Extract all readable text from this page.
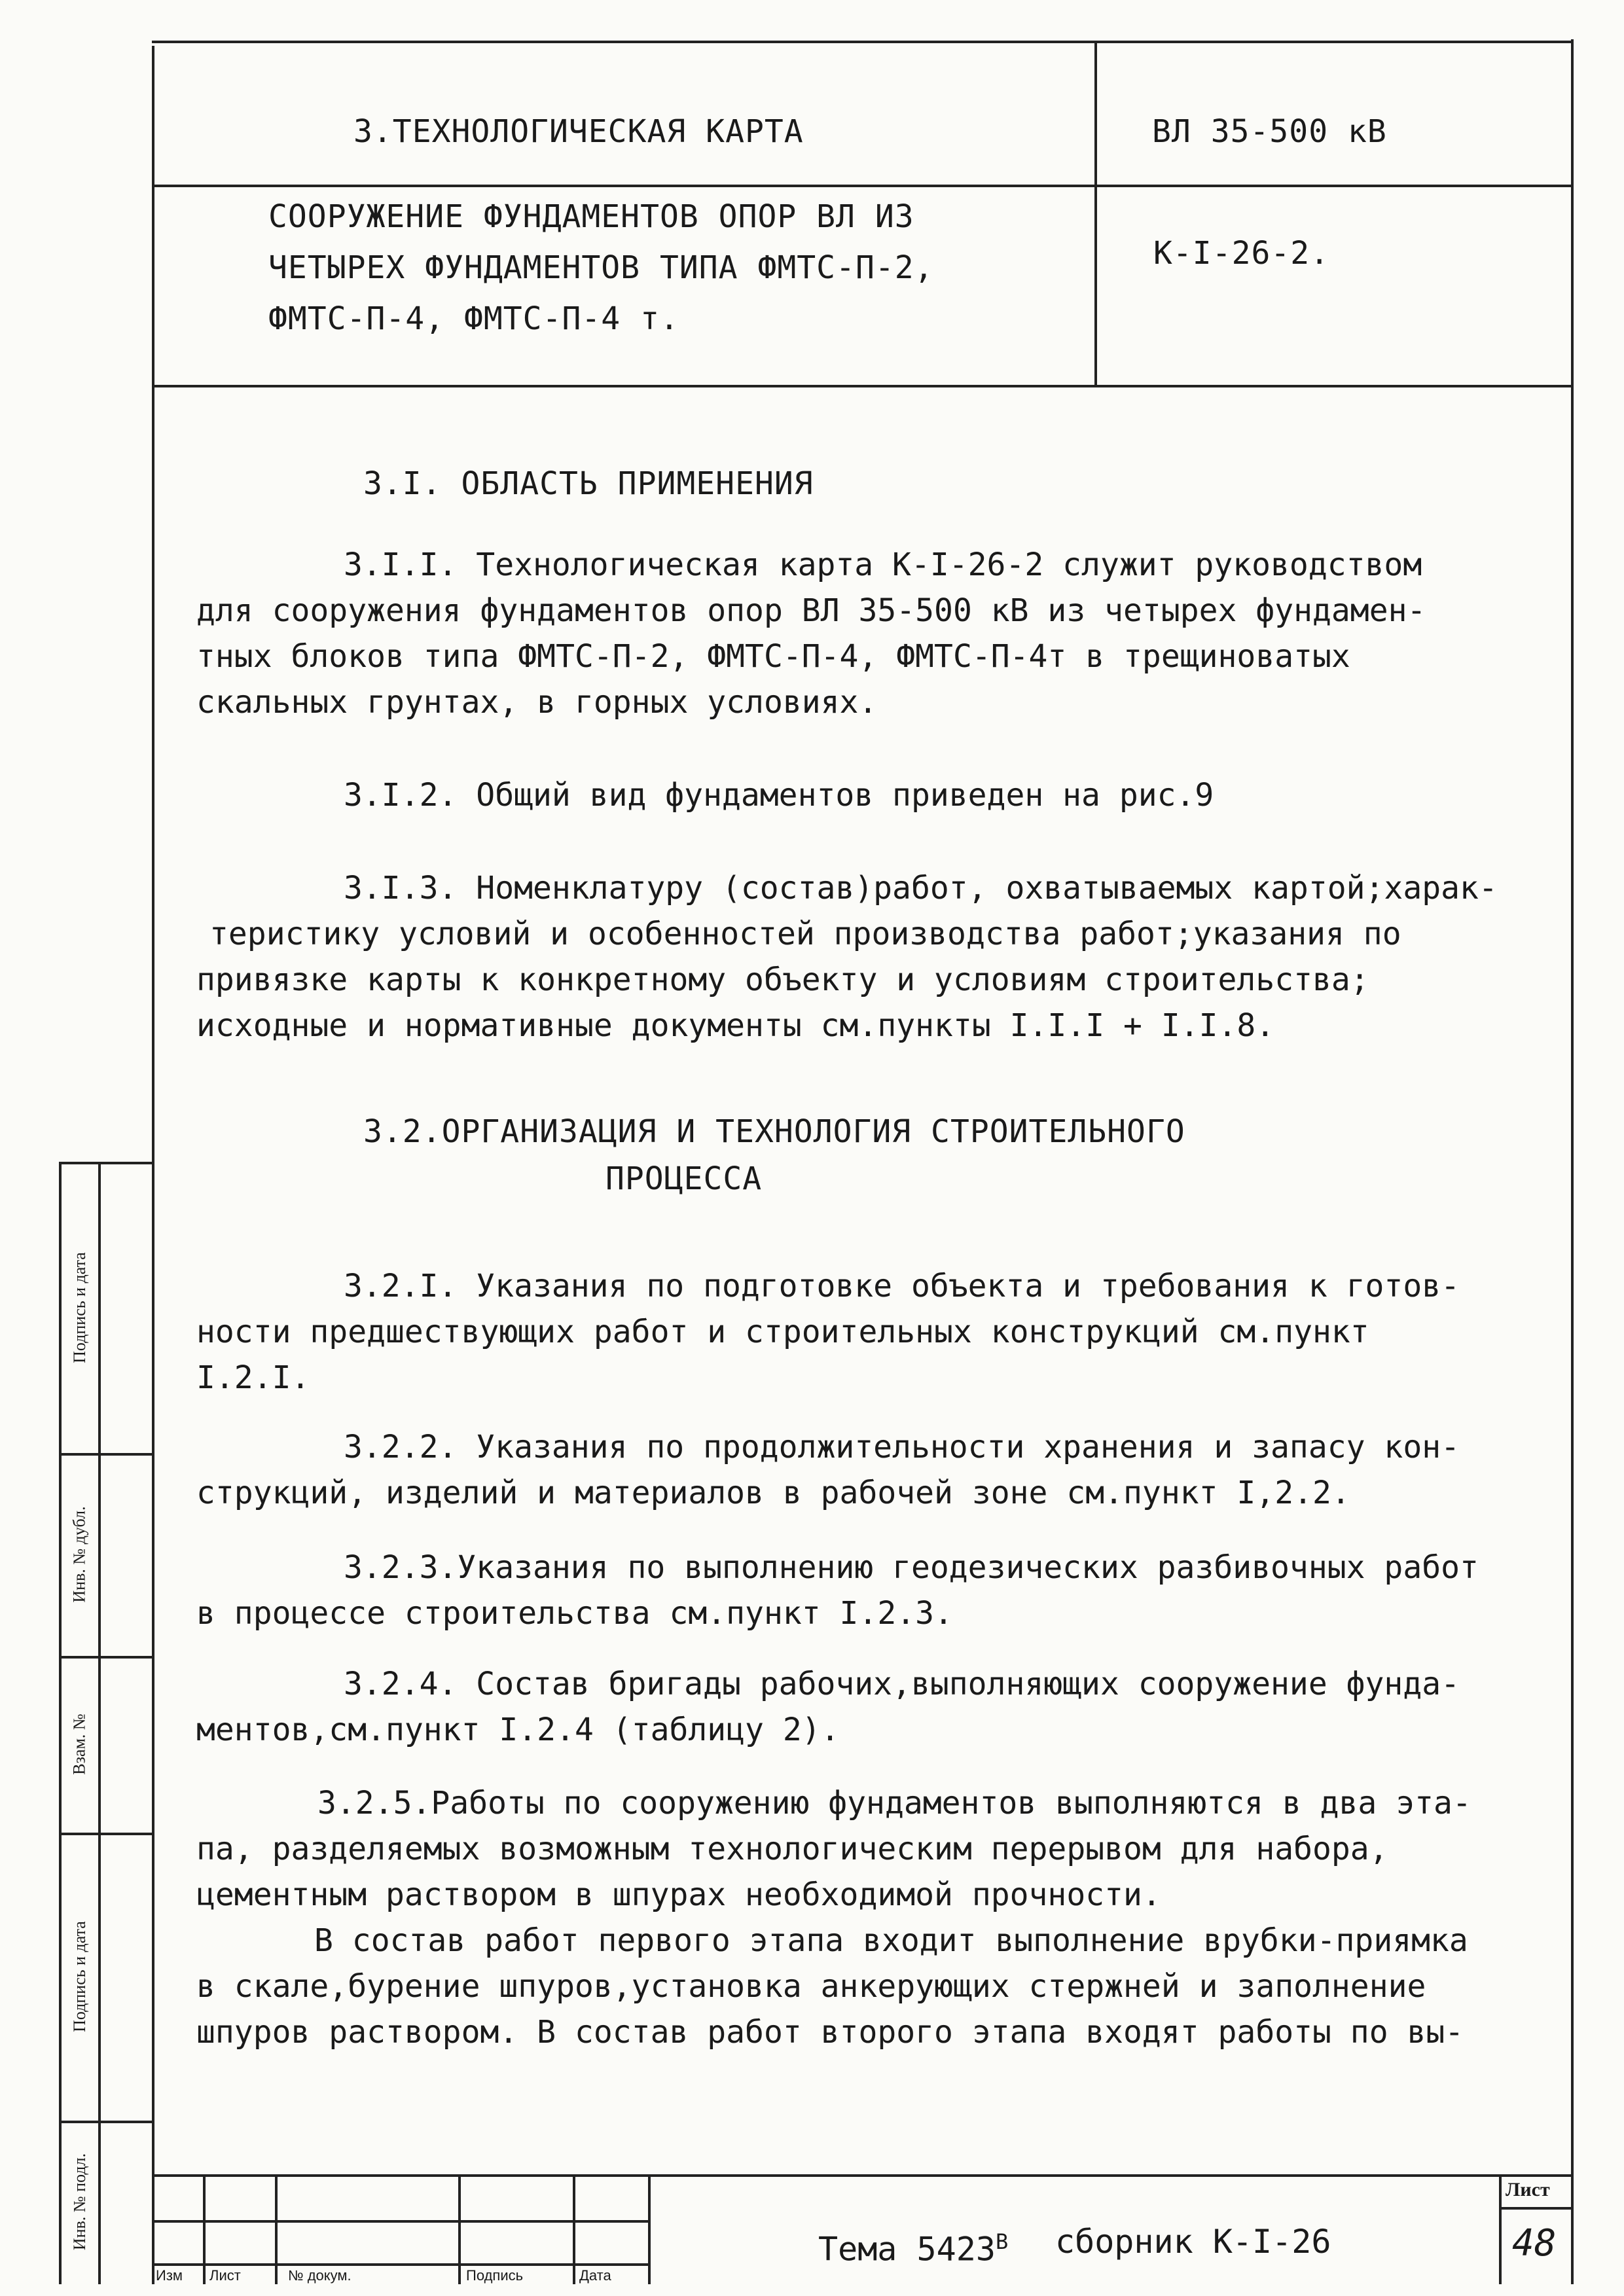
3.ТЕХНОЛОГИЧЕСКАЯ КАРТА	ВЛ 35-500 кВ
СООРУЖЕНИЕ ФУНДАМЕНТОВ ОПОР ВЛ ИЗ
ЧЕТЫРЕХ ФУНДАМЕНТОВ ТИПА ФМТС-П-2,
ФМТС-П-4, ФМТС-П-4 т.
К-I-26-2.
3.I. ОБЛАСТЬ ПРИМЕНЕНИЯ
3.I.I. Технологическая карта К-I-26-2 служит руководством
для сооружения фундаментов опор ВЛ 35-500 кВ из четырех фундамен-
тных блоков типа ФМТС-П-2, ФМТС-П-4, ФМТС-П-4т в трещиноватых
скальных грунтах, в горных условиях.
3.I.2. Общий вид фундаментов приведен на рис.9
3.I.3. Номенклатуру (состав)работ, охватываемых картой;харак-
теристику условий и особенностей производства работ;указания по
привязке карты к конкретному объекту и условиям строительства;
исходные и нормативные документы см.пункты I.I.I + I.I.8.
3.2.ОРГАНИЗАЦИЯ И ТЕХНОЛОГИЯ СТРОИТЕЛЬНОГО
ПРОЦЕССА
3.2.I. Указания по подготовке объекта и требования к готов-
ности предшествующих работ и строительных конструкций см.пункт
I.2.I.
3.2.2. Указания по продолжительности хранения и запасу кон-
струкций, изделий и материалов в рабочей зоне см.пункт I,2.2.
3.2.3.Указания по выполнению геодезических разбивочных работ
в процессе строительства см.пункт I.2.3.
3.2.4. Состав бригады рабочих,выполняющих сооружение фунда-
ментов,см.пункт I.2.4 (таблицу 2).
3.2.5.Работы по сооружению фундаментов выполняются в два эта-
па, разделяемых возможным технологическим перерывом для набора,
цементным раствором в шпурах необходимой прочности.
В состав работ первого этапа входит выполнение врубки-приямка
в скале,бурение шпуров,установка анкерующих стержней и заполнение
шпуров раствором. В состав работ второго этапа входят работы по вы-
Инв. № подл.
Подпись и дата
Взам. №
Инв. № дубл.
Подпись и дата
Изм Лист	№ докум.	Подпись	Дата
Тема $5423^В$ сборник К-I-26
Лист
48
